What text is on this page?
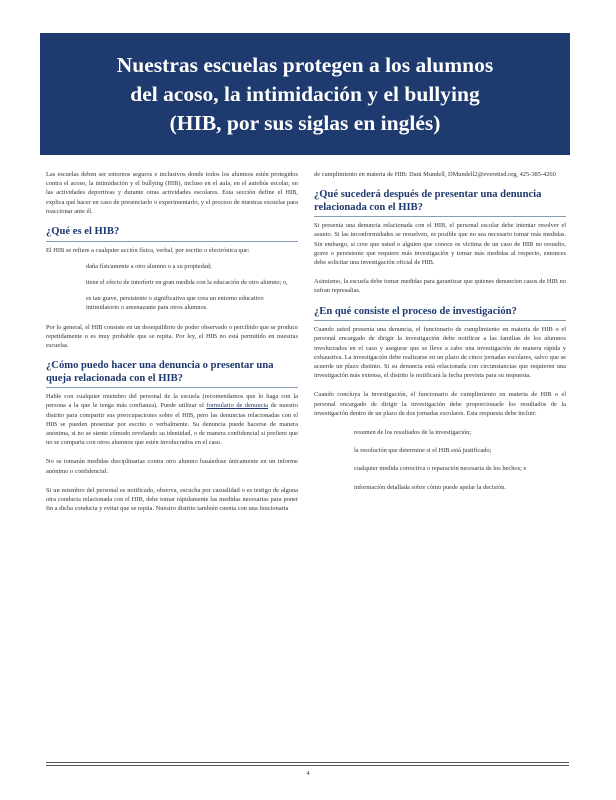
Nuestras escuelas protegen a los alumnos
del acoso, la intimidación y el bullying
(HIB, por sus siglas en inglés)

Las escuelas deben ser entornos seguros e inclusivos donde todos los alumnos estén protegidos contra el acoso, la intimidación y el bullying (HIB), incluso en el aula, en el autobús escolar, en las actividades deportivas y durante otras actividades escolares. Esta sección define el HIB, explica qué hacer en caso de presenciarlo o experimentarlo, y el proceso de nuestras escuelas para reaccionar ante él.

¿Qué es el HIB?

El HIB se refiere a cualquier acción física, verbal, por escrito o electrónica que:

daña físicamente a otro alumno o a su propiedad;

tiene el efecto de interferir en gran medida con la educación de otro alumno; o,

es tan grave, persistente o significativa que crea un entorno educativo intimidatorio o amenazante para otros alumnos.

Por lo general, el HIB consiste en un desequilibrio de poder observado o percibido que se produce repetidamente o es muy probable que se repita. Por ley, el HIB no está permitido en nuestras escuelas.

¿Cómo puedo hacer una denuncia o presentar una queja relacionada con el HIB?

Hable con cualquier miembro del personal de la escuela (recomendamos que lo haga con la persona a la que le tenga más confianza). Puede utilizar el formulario de denuncia de nuestro distrito para compartir sus preocupaciones sobre el HIB, pero las denuncias relacionadas con el HIB se pueden presentar por escrito o verbalmente. Su denuncia puede hacerse de manera anónima, si no se siente cómodo revelando su identidad, o de manera confidencial si prefiere que no se comparta con otros alumnos que estén involucrados en el caso.

No se tomarán medidas disciplinarias contra otro alumno basándose únicamente en un informe anónimo o confidencial.

Si un miembro del personal es notificado, observa, escucha por casualidad o es testigo de alguna otra conducta relacionada con el HIB, debe tomar rápidamente las medidas necesarias para poner fin a dicha conducta y evitar que se repita. Nuestro distrito también cuenta con una funcionaria

de cumplimiento en materia de HIB: Dani Mundell, DMundell2@everettsd.org, 425-385-4260

¿Qué sucederá después de presentar una denuncia relacionada con el HIB?

Si presenta una denuncia relacionada con el HIB, el personal escolar debe intentar resolver el asunto. Si las inconformidades se resuelven, es posible que no sea necesario tomar más medidas. Sin embargo, si cree que usted o alguien que conoce es víctima de un caso de HIB no resuelto, grave o persistente que requiere más investigación y tomar más medidas al respecto, entonces debe solicitar una investigación oficial de HIB.

Asimismo, la escuela debe tomar medidas para garantizar que quienes denuncien casos de HIB no sufran represalias.

¿En qué consiste el proceso de investigación?

Cuando usted presenta una denuncia, el funcionario de cumplimiento en materia de HIB o el personal encargado de dirigir la investigación debe notificar a las familias de los alumnos involucrados en el caso y asegurar que se lleve a cabo una investigación de manera rápida y exhaustiva. La investigación debe realizarse en un plazo de cinco jornadas escolares, salvo que se acuerde un plazo distinto. Si su denuncia está relacionada con circunstancias que requieren una investigación más extensa, el distrito le notificará la fecha prevista para su respuesta.

Cuando concluya la investigación, el funcionario de cumplimiento en materia de HIB o el personal encargado de dirigir la investigación debe proporcionarle los resultados de la investigación dentro de un plazo de dos jornadas escolares. Esta respuesta debe incluir:

resumen de los resultados de la investigación;

la resolución que determine si el HIB está justificado;

cualquier medida correctiva o reparación necesaria de los hechos; e

información detallada sobre cómo puede apelar la decisión.

4
